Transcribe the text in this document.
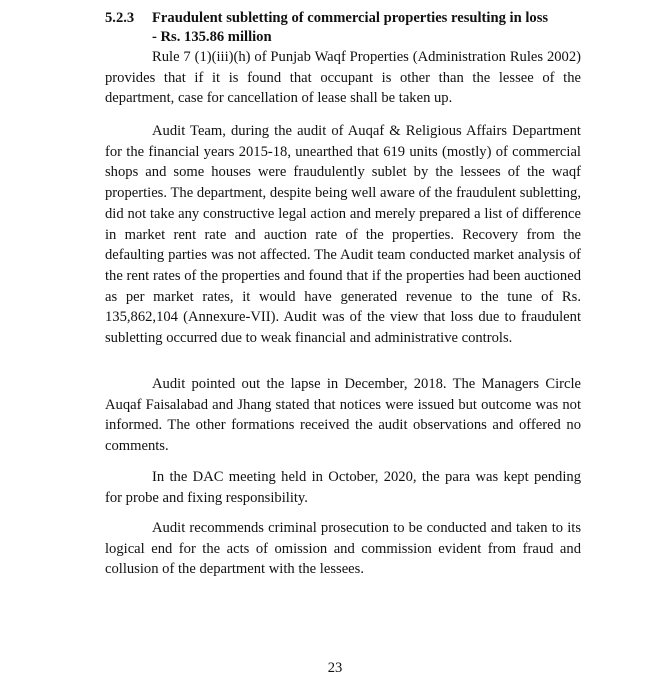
5.2.3 Fraudulent subletting of commercial properties resulting in loss
- Rs. 135.86 million

Rule 7 (1)(iii)(h) of Punjab Waqf Properties (Administration Rules 2002) provides that if it is found that occupant is other than the lessee of the department, case for cancellation of lease shall be taken up.

Audit Team, during the audit of Auqaf & Religious Affairs Department for the financial years 2015-18, unearthed that 619 units (mostly) of commercial shops and some houses were fraudulently sublet by the lessees of the waqf properties. The department, despite being well aware of the fraudulent subletting, did not take any constructive legal action and merely prepared a list of difference in market rent rate and auction rate of the properties. Recovery from the defaulting parties was not affected. The Audit team conducted market analysis of the rent rates of the properties and found that if the properties had been auctioned as per market rates, it would have generated revenue to the tune of Rs. 135,862,104 (Annexure-VII). Audit was of the view that loss due to fraudulent subletting occurred due to weak financial and administrative controls.

Audit pointed out the lapse in December, 2018. The Managers Circle Auqaf Faisalabad and Jhang stated that notices were issued but outcome was not informed. The other formations received the audit observations and offered no comments.

In the DAC meeting held in October, 2020, the para was kept pending for probe and fixing responsibility.

Audit recommends criminal prosecution to be conducted and taken to its logical end for the acts of omission and commission evident from fraud and collusion of the department with the lessees.

23
